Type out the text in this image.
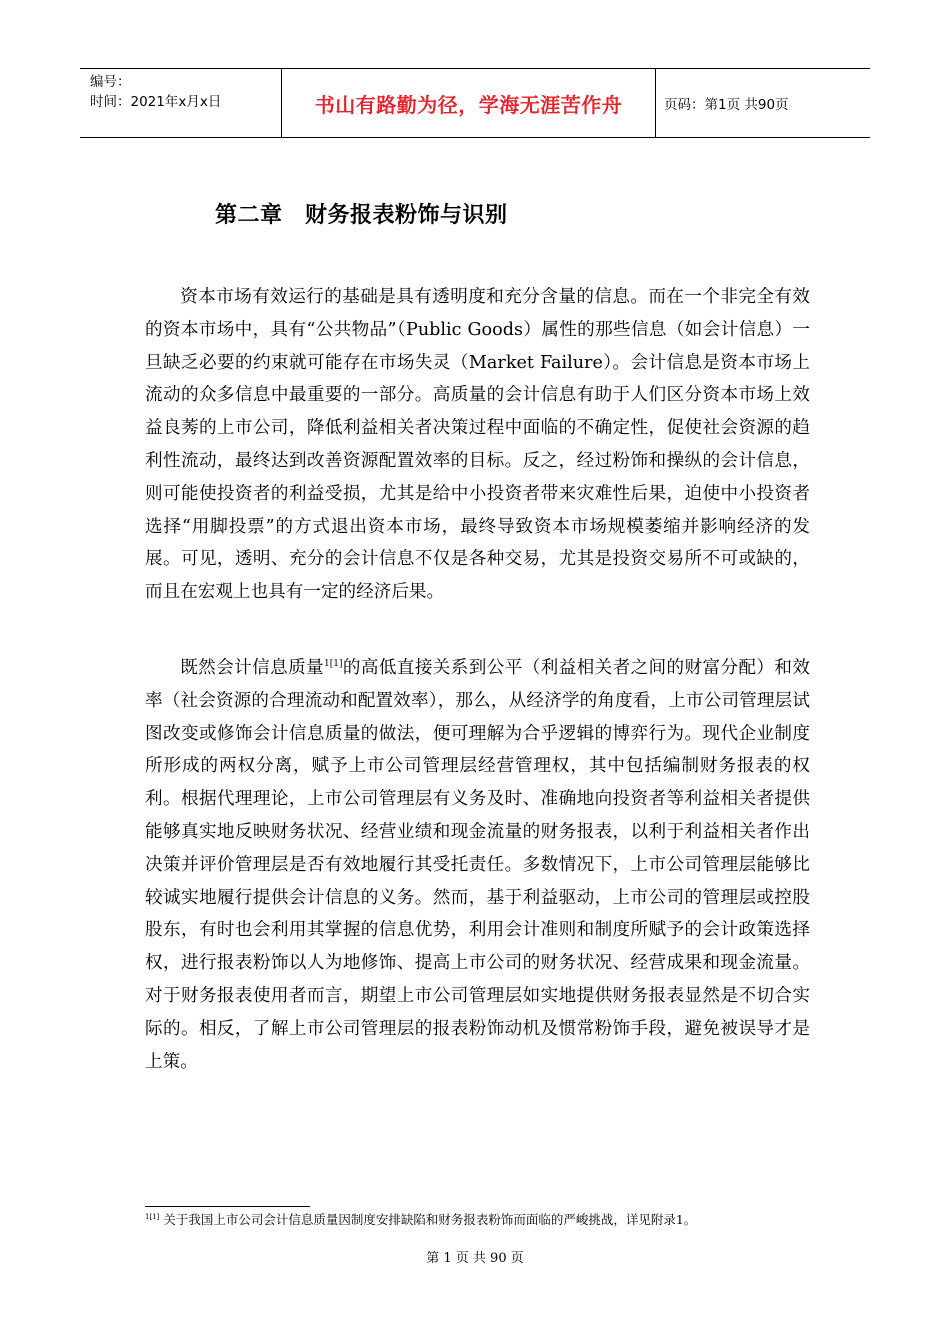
编号：
时间：2021年x月x日	书山有路勤为径，学海无涯苦作舟	页码：第1页 共90页
第二章　财务报表粉饰与识别

资本市场有效运行的基础是具有透明度和充分含量的信息。而在一个非完全有效的资本市场中，具有“公共物品”（Public Goods）属性的那些信息（如会计信息）一旦缺乏必要的约束就可能存在市场失灵（Market Failure）。会计信息是资本市场上流动的众多信息中最重要的一部分。高质量的会计信息有助于人们区分资本市场上效益良莠的上市公司，降低利益相关者决策过程中面临的不确定性，促使社会资源的趋利性流动，最终达到改善资源配置效率的目标。反之，经过粉饰和操纵的会计信息，则可能使投资者的利益受损，尤其是给中小投资者带来灾难性后果，迫使中小投资者选择“用脚投票”的方式退出资本市场，最终导致资本市场规模萎缩并影响经济的发展。可见，透明、充分的会计信息不仅是各种交易，尤其是投资交易所不可或缺的，而且在宏观上也具有一定的经济后果。

既然会计信息质量$^{1[1]}$的高低直接关系到公平（利益相关者之间的财富分配）和效率（社会资源的合理流动和配置效率），那么，从经济学的角度看，上市公司管理层试图改变或修饰会计信息质量的做法，便可理解为合乎逻辑的博弈行为。现代企业制度所形成的两权分离，赋予上市公司管理层经营管理权，其中包括编制财务报表的权利。根据代理理论，上市公司管理层有义务及时、准确地向投资者等利益相关者提供能够真实地反映财务状况、经营业绩和现金流量的财务报表，以利于利益相关者作出决策并评价管理层是否有效地履行其受托责任。多数情况下，上市公司管理层能够比较诚实地履行提供会计信息的义务。然而，基于利益驱动，上市公司的管理层或控股股东，有时也会利用其掌握的信息优势，利用会计准则和制度所赋予的会计政策选择权，进行报表粉饰以人为地修饰、提高上市公司的财务状况、经营成果和现金流量。对于财务报表使用者而言，期望上市公司管理层如实地提供财务报表显然是不切合实际的。相反，了解上市公司管理层的报表粉饰动机及惯常粉饰手段，避免被误导才是上策。

$^{1[1]}$ 关于我国上市公司会计信息质量因制度安排缺陷和财务报表粉饰而面临的严峻挑战，详见附录1。
第 1 页 共 90 页
